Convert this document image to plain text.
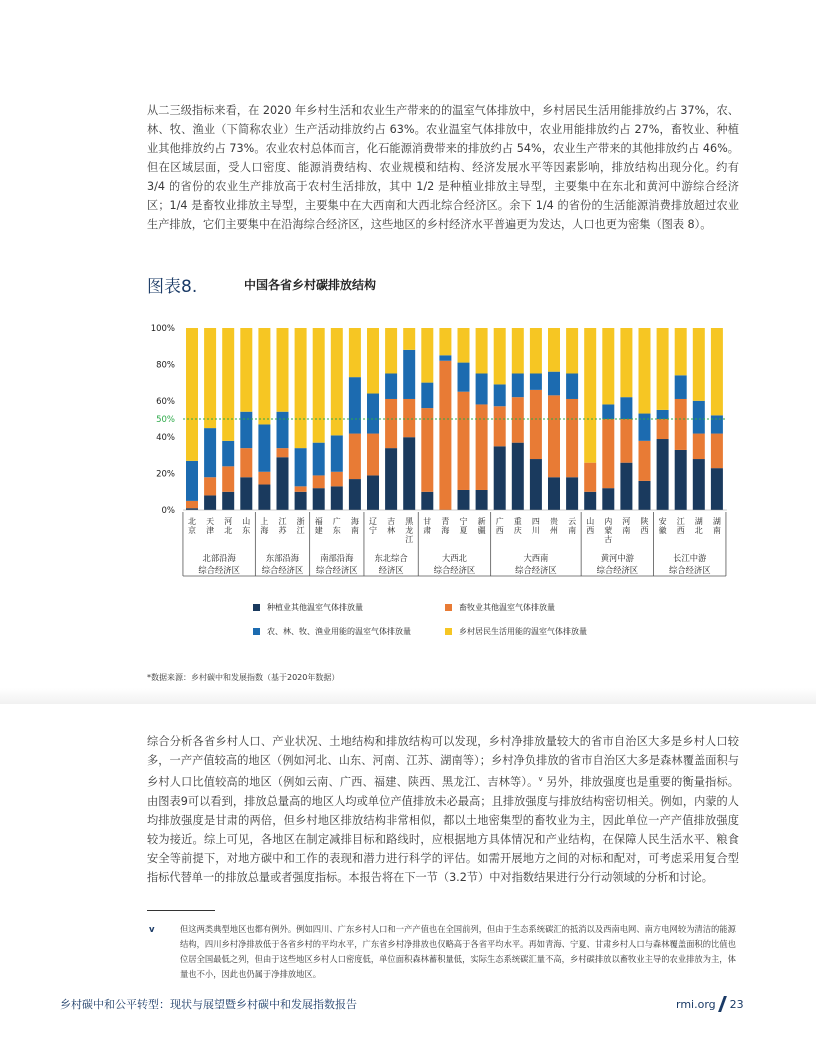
从二三级指标来看，在 2020 年乡村生活和农业生产带来的的温室气体排放中，乡村居民生活用能排放约占 37%，农、林、牧、渔业（下简称农业）生产活动排放约占 63%。农业温室气体排放中，农业用能排放约占 27%，畜牧业、种植业其他排放约占 73%。农业农村总体而言，化石能源消费带来的排放约占 54%，农业生产带来的其他排放约占 46%。但在区域层面，受人口密度、能源消费结构、农业规模和结构、经济发展水平等因素影响，排放结构出现分化。约有 3/4 的省份的农业生产排放高于农村生活排放，其中 1/2 是种植业排放主导型，主要集中在东北和黄河中游综合经济区；1/4 是畜牧业排放主导型，主要集中在大西南和大西北综合经济区。余下 1/4 的省份的生活能源消费排放超过农业生产排放，它们主要集中在沿海综合经济区，这些地区的乡村经济水平普遍更为发达，人口也更为密集（图表 8）。

图表8.	中国各省乡村碳排放结构
0%
20%
40%
60%
80%
100%
北
京
天
津
河
北
山
东
上
海
江
苏
浙
江
福
建
广
东
海
南
辽
宁
吉
林
黑
龙
江
甘
肃
青
海
宁
夏
新
疆
广
西
重
庆
四
川
贵
州
云
南
山
西
内
蒙
古
河
南
陕
西
安
徽
江
西
湖
北
湖
南
50%
北部沿海
综合经济区
东部沿海
综合经济区
南部沿海
综合经济区
东北综合
经济区
大西北
综合经济区
大西南
综合经济区
黄河中游
综合经济区
长江中游
综合经济区
种植业其他温室气体排放量	畜牧业其他温室气体排放量
农、林、牧、渔业用能的温室气体排放量	乡村居民生活用能的温室气体排放量
*数据来源：乡村碳中和发展指数（基于2020年数据）

综合分析各省乡村人口、产业状况、土地结构和排放结构可以发现，乡村净排放量较大的省市自治区大多是乡村人口较多，一产产值较高的地区（例如河北、山东、河南、江苏、湖南等）；乡村净负排放的省市自治区大多是森林覆盖面积与乡村人口比值较高的地区（例如云南、广西、福建、陕西、黑龙江、吉林等）。$^v$ 另外，排放强度也是重要的衡量指标。由图表9可以看到，排放总量高的地区人均或单位产值排放未必最高；且排放强度与排放结构密切相关。例如，内蒙的人均排放强度是甘肃的两倍，但乡村地区排放结构非常相似，都以土地密集型的畜牧业为主，因此单位一产产值排放强度较为接近。综上可见，各地区在制定减排目标和路线时，应根据地方具体情况和产业结构，在保障人民生活水平、粮食安全等前提下，对地方碳中和工作的表现和潜力进行科学的评估。如需开展地方之间的对标和配对，可考虑采用复合型指标代替单一的排放总量或者强度指标。本报告将在下一节（3.2节）中对指数结果进行分行动领域的分析和讨论。

v	但这两类典型地区也都有例外。例如四川、广东乡村人口和一产产值也在全国前列，但由于生态系统碳汇的抵消以及西南电网、南方电网较为清洁的能源结构，四川乡村净排放低于各省乡村的平均水平，广东省乡村净排放也仅略高于各省平均水平。再如青海、宁夏、甘肃乡村人口与森林覆盖面积的比值也位居全国最低之列，但由于这些地区乡村人口密度低，单位面积森林蓄积量低，实际生态系统碳汇量不高，乡村碳排放以畜牧业主导的农业排放为主，体量也不小，因此也仍属于净排放地区。
乡村碳中和公平转型：现状与展望暨乡村碳中和发展指数报告	rmi.org 23
